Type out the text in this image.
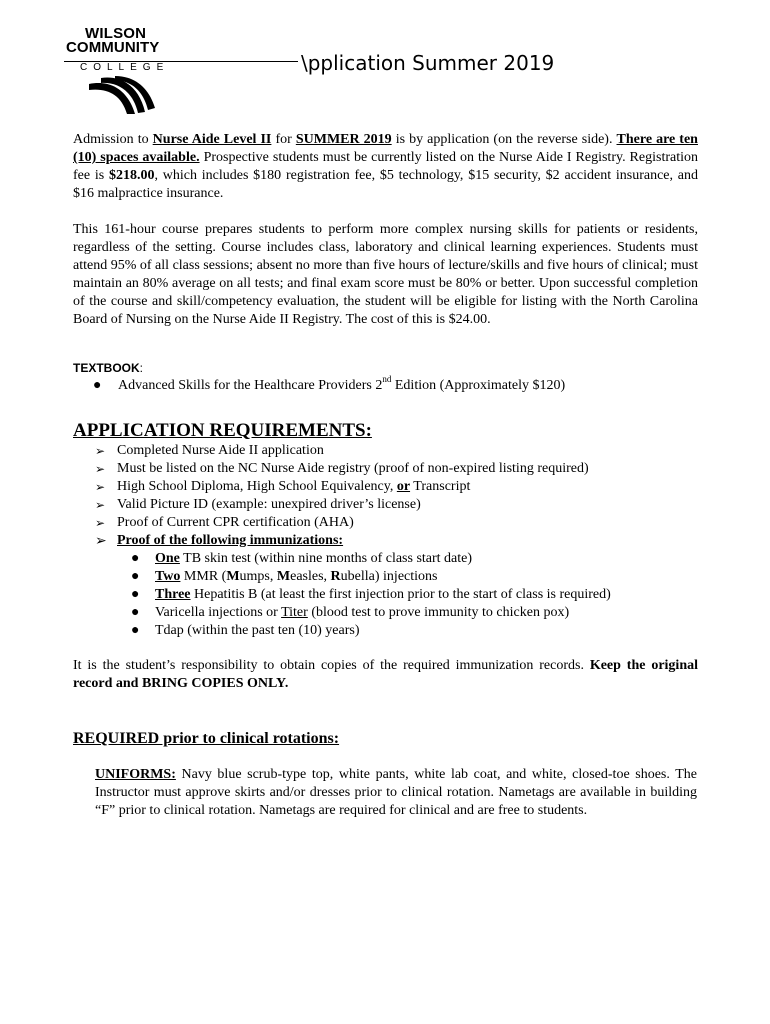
WILSON
COMMUNITY
COLLEGE	\pplication Summer 2019
Admission to Nurse Aide Level II for SUMMER 2019 is by application (on the reverse side). There are ten (10) spaces available. Prospective students must be currently listed on the Nurse Aide I Registry. Registration fee is $218.00, which includes $180 registration fee, $5 technology, $15 security, $2 accident insurance, and $16 malpractice insurance.
This 161-hour course prepares students to perform more complex nursing skills for patients or residents, regardless of the setting. Course includes class, laboratory and clinical learning experiences. Students must attend 95% of all class sessions; absent no more than five hours of lecture/skills and five hours of clinical; must maintain an 80% average on all tests; and final exam score must be 80% or better. Upon successful completion of the course and skill/competency evaluation, the student will be eligible for listing with the North Carolina Board of Nursing on the Nurse Aide II Registry. The cost of this is $24.00.
TEXTBOOK:
● Advanced Skills for the Healthcare Providers 2nd Edition (Approximately $120)
APPLICATION REQUIREMENTS:
➢ Completed Nurse Aide II application
➢ Must be listed on the NC Nurse Aide registry (proof of non-expired listing required)
➢ High School Diploma, High School Equivalency, or Transcript
➢ Valid Picture ID (example: unexpired driver’s license)
➢ Proof of Current CPR certification (AHA)
➢ Proof of the following immunizations:
● One TB skin test (within nine months of class start date)
● Two MMR (Mumps, Measles, Rubella) injections
● Three Hepatitis B (at least the first injection prior to the start of class is required)
● Varicella injections or Titer (blood test to prove immunity to chicken pox)
● Tdap (within the past ten (10) years)
It is the student’s responsibility to obtain copies of the required immunization records. Keep the original record and BRING COPIES ONLY.
REQUIRED prior to clinical rotations:
UNIFORMS: Navy blue scrub-type top, white pants, white lab coat, and white, closed-toe shoes. The Instructor must approve skirts and/or dresses prior to clinical rotation. Nametags are available in building “F” prior to clinical rotation. Nametags are required for clinical and are free to students.
